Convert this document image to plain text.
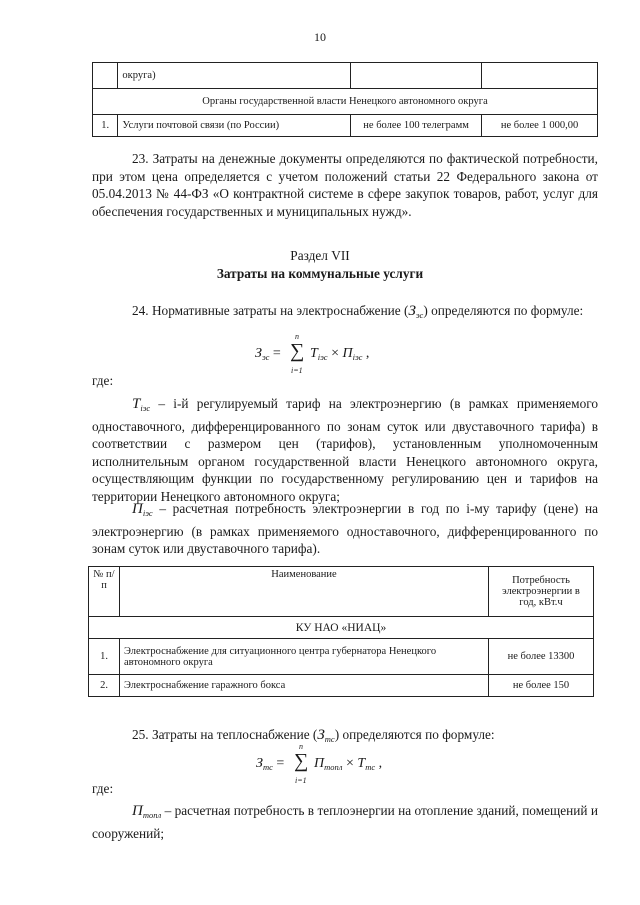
10
	округа)		
Органы государственной власти Ненецкого автономного округа			
1.	Услуги почтовой связи (по России)	не более 100 телеграмм	не более 1 000,00
23. Затраты на денежные документы определяются по фактической потребности, при этом цена определяется с учетом положений статьи 22 Федерального закона от 05.04.2013 № 44-ФЗ «О контрактной системе в сфере закупок товаров, работ, услуг для обеспечения государственных и муниципальных нужд».
Раздел VII
Затраты на коммунальные услуги
24. Нормативные затраты на электроснабжение $(З_{эс})$ определяются по формуле:
$З_{эс}$ =
n
∑
i=1
$Т_{iэс} \times П_{iэс}$ ,
где:
$Т_{iэс} - i-й$ регулируемый тариф на электроэнергию (в рамках применяемого одноставочного, дифференцированного по зонам суток или двуставочного тарифа) в соответствии с размером цен (тарифов), установленным уполномоченным исполнительным органом государственной власти Ненецкого автономного округа, осуществляющим функции по государственному регулированию цен и тарифов на территории Ненецкого автономного округа;
$П_{iэс}$ – расчетная потребность электроэнергии в год по i-му тарифу (цене) на электроэнергию (в рамках применяемого одноставочного, дифференцированного по зонам суток или двуставочного тарифа).
№ п/п	Наименование	Потребность электроэнергии в год, кВт.ч
КУ НАО «НИАЦ»		
1.	Электроснабжение для ситуационного центра губернатора Ненецкого автономного округа	не более 13300
2.	Электроснабжение гаражного бокса	не более 150
25. Затраты на теплоснабжение $(З_{тс})$ определяются по формуле:
$З_{тс}$ =
n
∑
i=1
$П_{топл} \times Т_{тс}$ ,
где:
$П_{топл}$ – расчетная потребность в теплоэнергии на отопление зданий, помещений и сооружений;
